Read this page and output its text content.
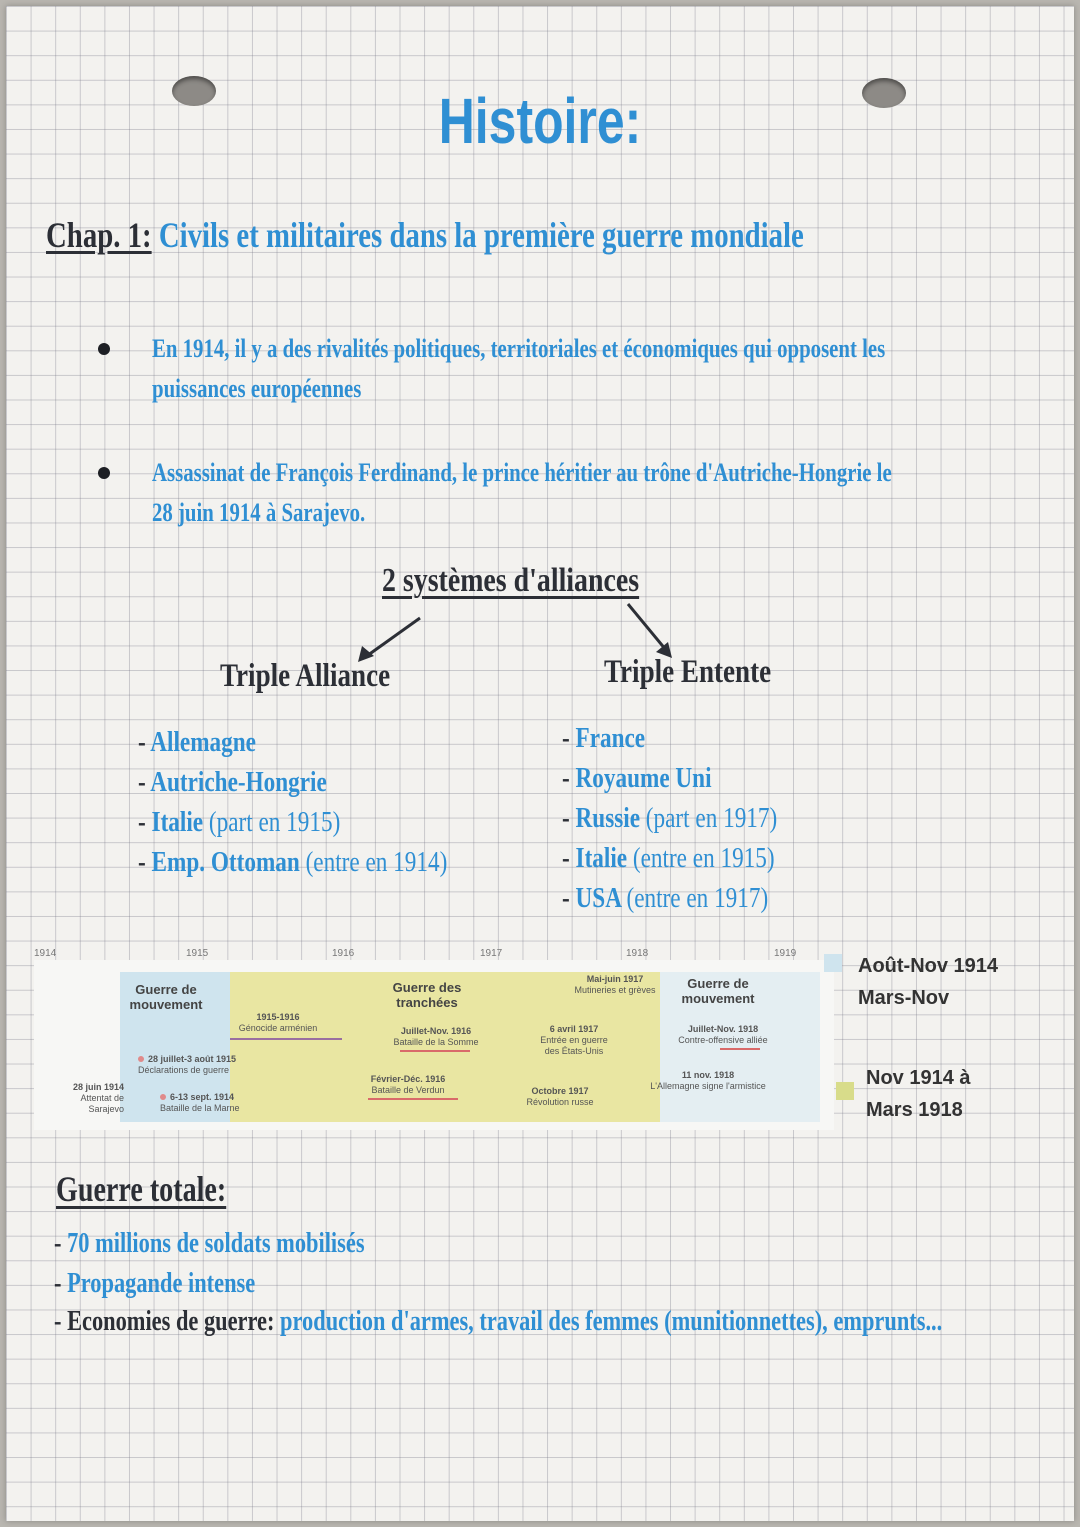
Histoire:
Chap. 1: Civils et militaires dans la première guerre mondiale
En 1914, il y a des rivalités politiques, territoriales et économiques qui opposent les
puissances européennes
Assassinat de François Ferdinand, le prince héritier au trône d'Autriche-Hongrie le
28 juin 1914 à Sarajevo.
2 systèmes d'alliances
Triple Alliance	Triple Entente
- Allemagne
- Autriche-Hongrie
- Italie (part en 1915)
- Emp. Ottoman (entre en 1914)
- France
- Royaume Uni
- Russie (part en 1917)
- Italie (entre en 1915)
- USA (entre en 1917)
1914	1915	1916	1917	1918	1919
Guerre de mouvement
Guerre des tranchées
Guerre de mouvement
28 juin 1914
Attentat de Sarajevo
28 juillet-3 août 1915
Déclarations de guerre
6-13 sept. 1914
Bataille de la Marne
1915-1916
Génocide arménien	Juillet-Nov. 1916
Bataille de la Somme
Février-Déc. 1916
Bataille de Verdun
Mai-juin 1917
Mutineries et grèves
6 avril 1917
Entrée en guerre des États-Unis
Octobre 1917
Révolution russe
Juillet-Nov. 1918
Contre-offensive alliée
11 nov. 1918
L'Allemagne signe l'armistice
Août-Nov 1914
Mars-Nov
Nov 1914 à
Mars 1918
Guerre totale:
- 70 millions de soldats mobilisés
- Propagande intense
- Economies de guerre: production d'armes, travail des femmes (munitionnettes), emprunts...
